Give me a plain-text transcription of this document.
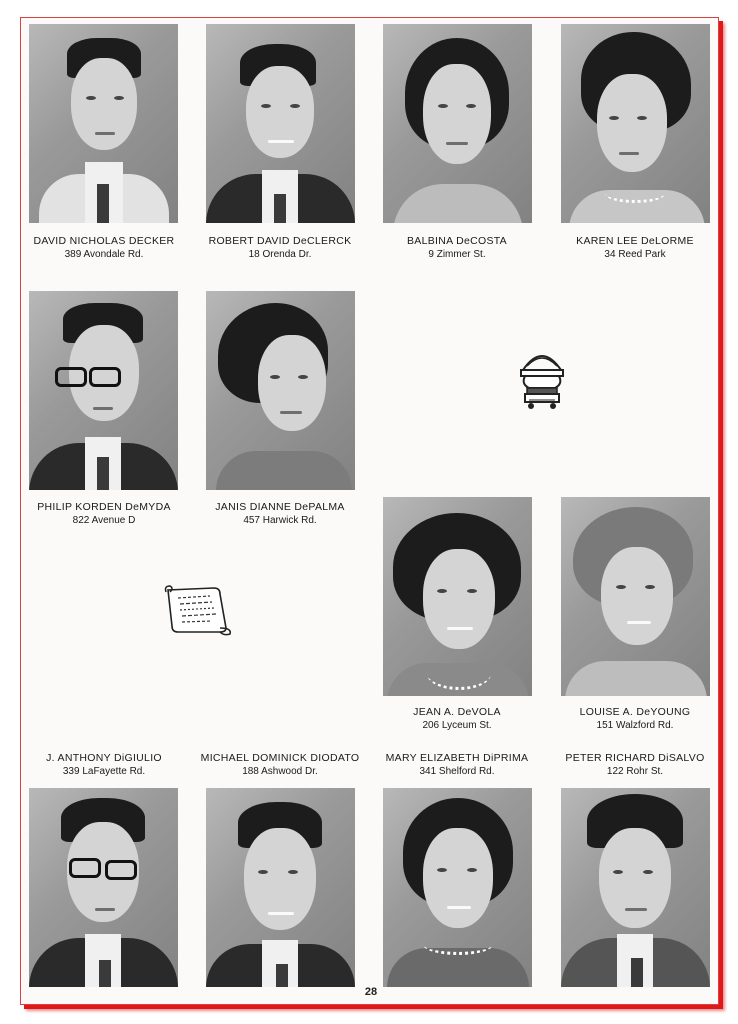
DAVID NICHOLAS DECKER
389 Avondale Rd.
ROBERT DAVID DeCLERCK
18 Orenda Dr.
BALBINA DeCOSTA
9 Zimmer St.
KAREN LEE DeLORME
34 Reed Park
PHILIP KORDEN DeMYDA
822 Avenue D
JANIS DIANNE DePALMA
457 Harwick Rd.
JEAN A. DeVOLA
206 Lyceum St.
LOUISE A. DeYOUNG
151 Walzford Rd.
J. ANTHONY DiGIULIO
339 LaFayette Rd.
MICHAEL DOMINICK DIODATO
188 Ashwood Dr.
MARY ELIZABETH DiPRIMA
341 Shelford Rd.
PETER RICHARD DiSALVO
122 Rohr St.
28
